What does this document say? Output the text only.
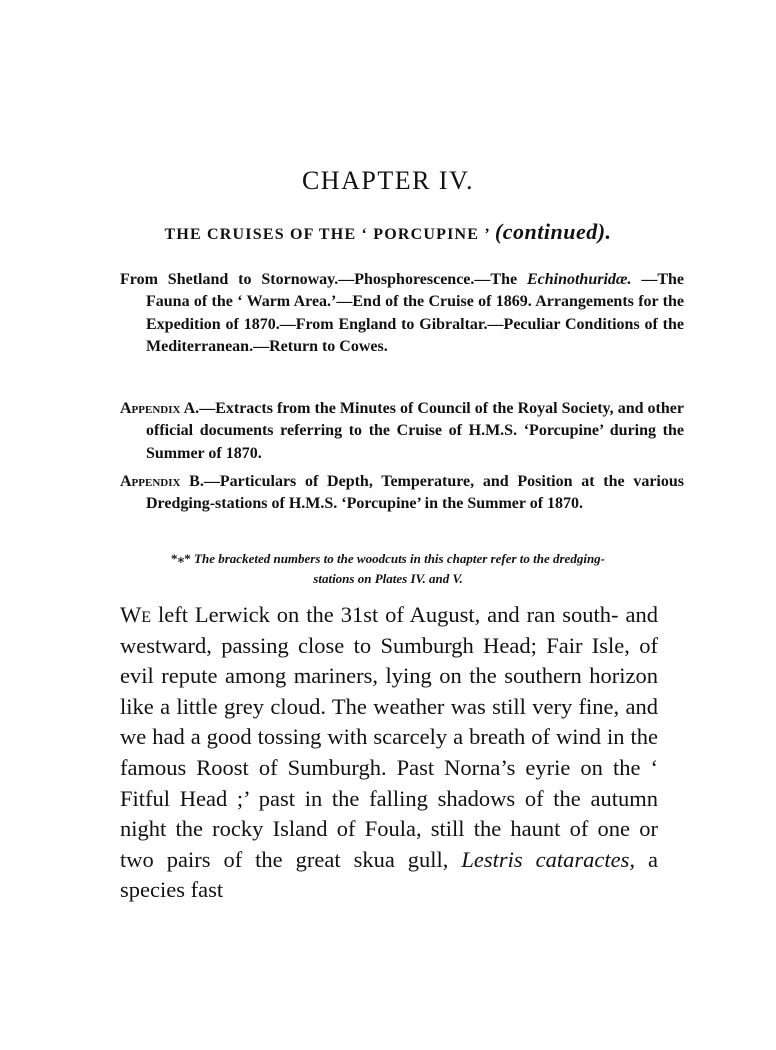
CHAPTER IV.
THE CRUISES OF THE ‘ PORCUPINE ’ (continued).
From Shetland to Stornoway.—Phosphorescence.—The Echinothuridæ. —The Fauna of the ‘ Warm Area.’—End of the Cruise of 1869. Arrangements for the Expedition of 1870.—From England to Gibraltar.—Peculiar Conditions of the Mediterranean.—Return to Cowes.
Appendix A.—Extracts from the Minutes of Council of the Royal Society, and other official documents referring to the Cruise of H.M.S. ‘Porcupine’ during the Summer of 1870.
Appendix B.—Particulars of Depth, Temperature, and Position at the various Dredging-stations of H.M.S. ‘Porcupine’ in the Summer of 1870.
*⁎* The bracketed numbers to the woodcuts in this chapter refer to the dredging-
stations on Plates IV. and V.
We left Lerwick on the 31st of August, and ran south- and westward, passing close to Sumburgh Head; Fair Isle, of evil repute among mariners, lying on the southern horizon like a little grey cloud. The weather was still very fine, and we had a good tossing with scarcely a breath of wind in the famous Roost of Sumburgh. Past Norna’s eyrie on the ‘ Fitful Head ;’ past in the falling shadows of the autumn night the rocky Island of Foula, still the haunt of one or two pairs of the great skua gull, Lestris cataractes, a species fast
